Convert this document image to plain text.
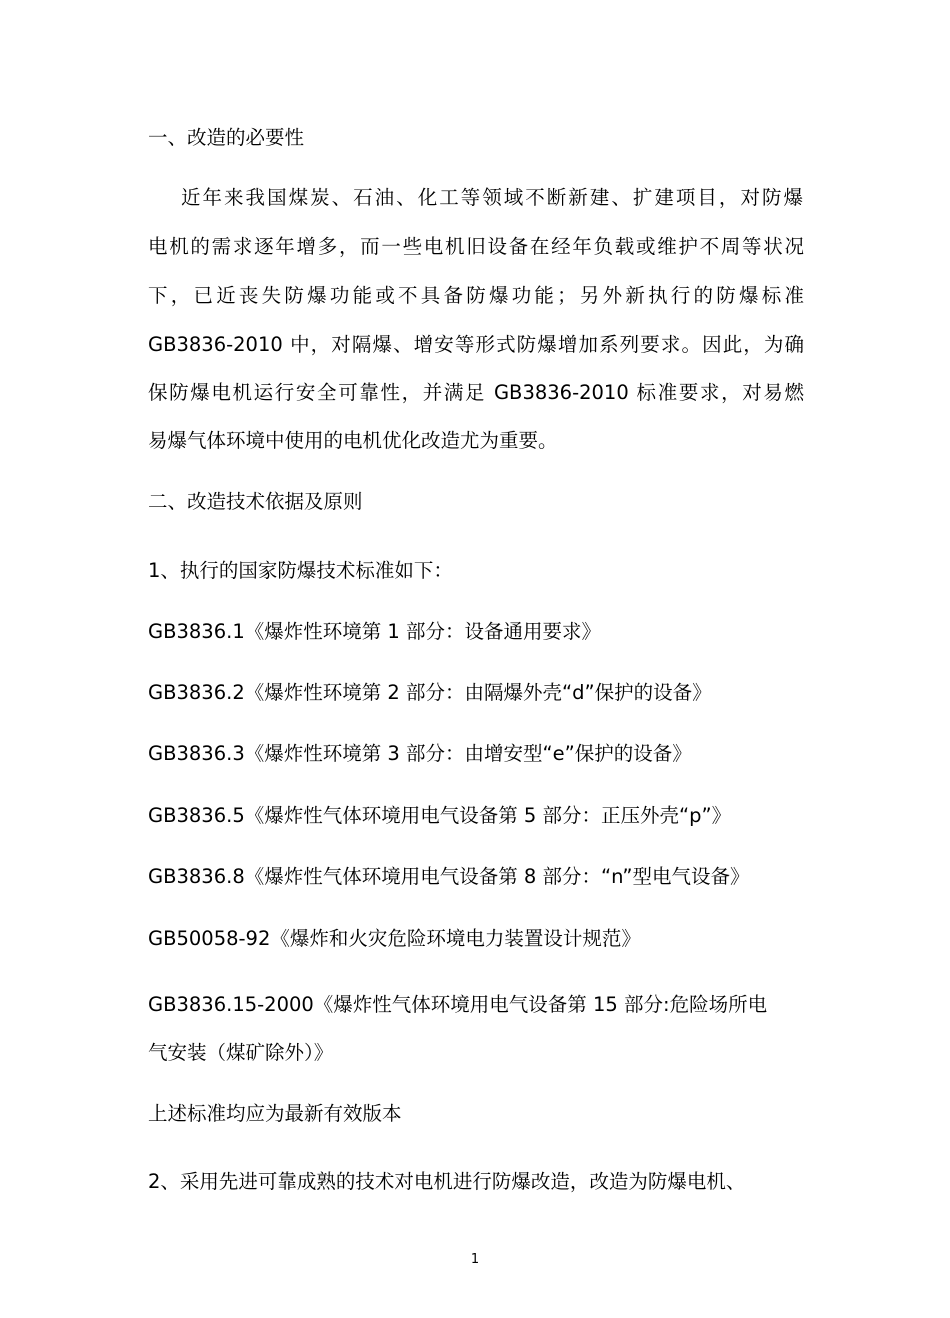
一、改造的必要性

近年来我国煤炭、石油、化工等领域不断新建、扩建项目，对防爆

电机的需求逐年增多，而一些电机旧设备在经年负载或维护不周等状况

下，已近丧失防爆功能或不具备防爆功能；另外新执行的防爆标准

GB3836-2010 中，对隔爆、增安等形式防爆增加系列要求。因此，为确

保防爆电机运行安全可靠性，并满足 GB3836-2010 标准要求，对易燃

易爆气体环境中使用的电机优化改造尤为重要。

二、改造技术依据及原则

1、执行的国家防爆技术标准如下：

GB3836.1《爆炸性环境第 1 部分：设备通用要求》

GB3836.2《爆炸性环境第 2 部分：由隔爆外壳“d”保护的设备》

GB3836.3《爆炸性环境第 3 部分：由增安型“e”保护的设备》

GB3836.5《爆炸性气体环境用电气设备第 5 部分：正压外壳“p”》

GB3836.8《爆炸性气体环境用电气设备第 8 部分：“n”型电气设备》

GB50058-92《爆炸和火灾危险环境电力装置设计规范》

GB3836.15-2000《爆炸性气体环境用电气设备第 15 部分:危险场所电

气安装（煤矿除外）》

上述标准均应为最新有效版本

2、采用先进可靠成熟的技术对电机进行防爆改造，改造为防爆电机、

1
